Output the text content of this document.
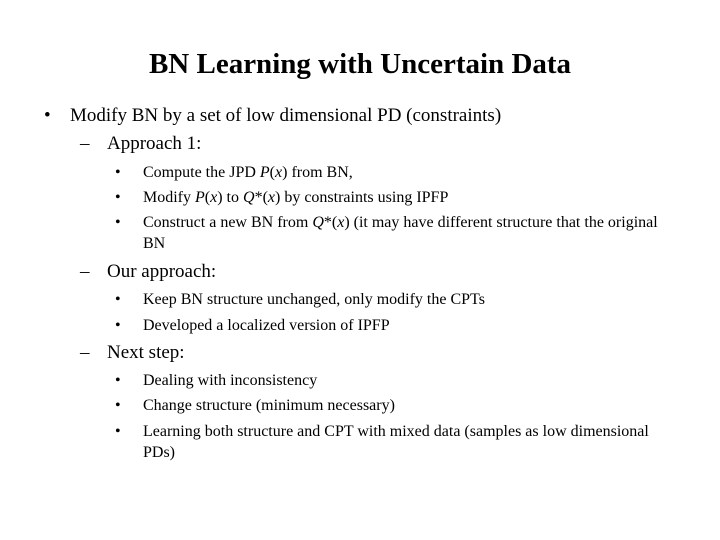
BN Learning with Uncertain Data
• Modify BN by a set of low dimensional PD (constraints)
– Approach 1:
• Compute the JPD P(x) from BN,
• Modify P(x) to Q*(x) by constraints using IPFP
• Construct a new BN from Q*(x) (it may have different structure that the original BN
– Our approach:
• Keep BN structure unchanged, only modify the CPTs
• Developed a localized version of IPFP
– Next step:
• Dealing with inconsistency
• Change structure (minimum necessary)
• Learning both structure and CPT with mixed data (samples as low dimensional PDs)
